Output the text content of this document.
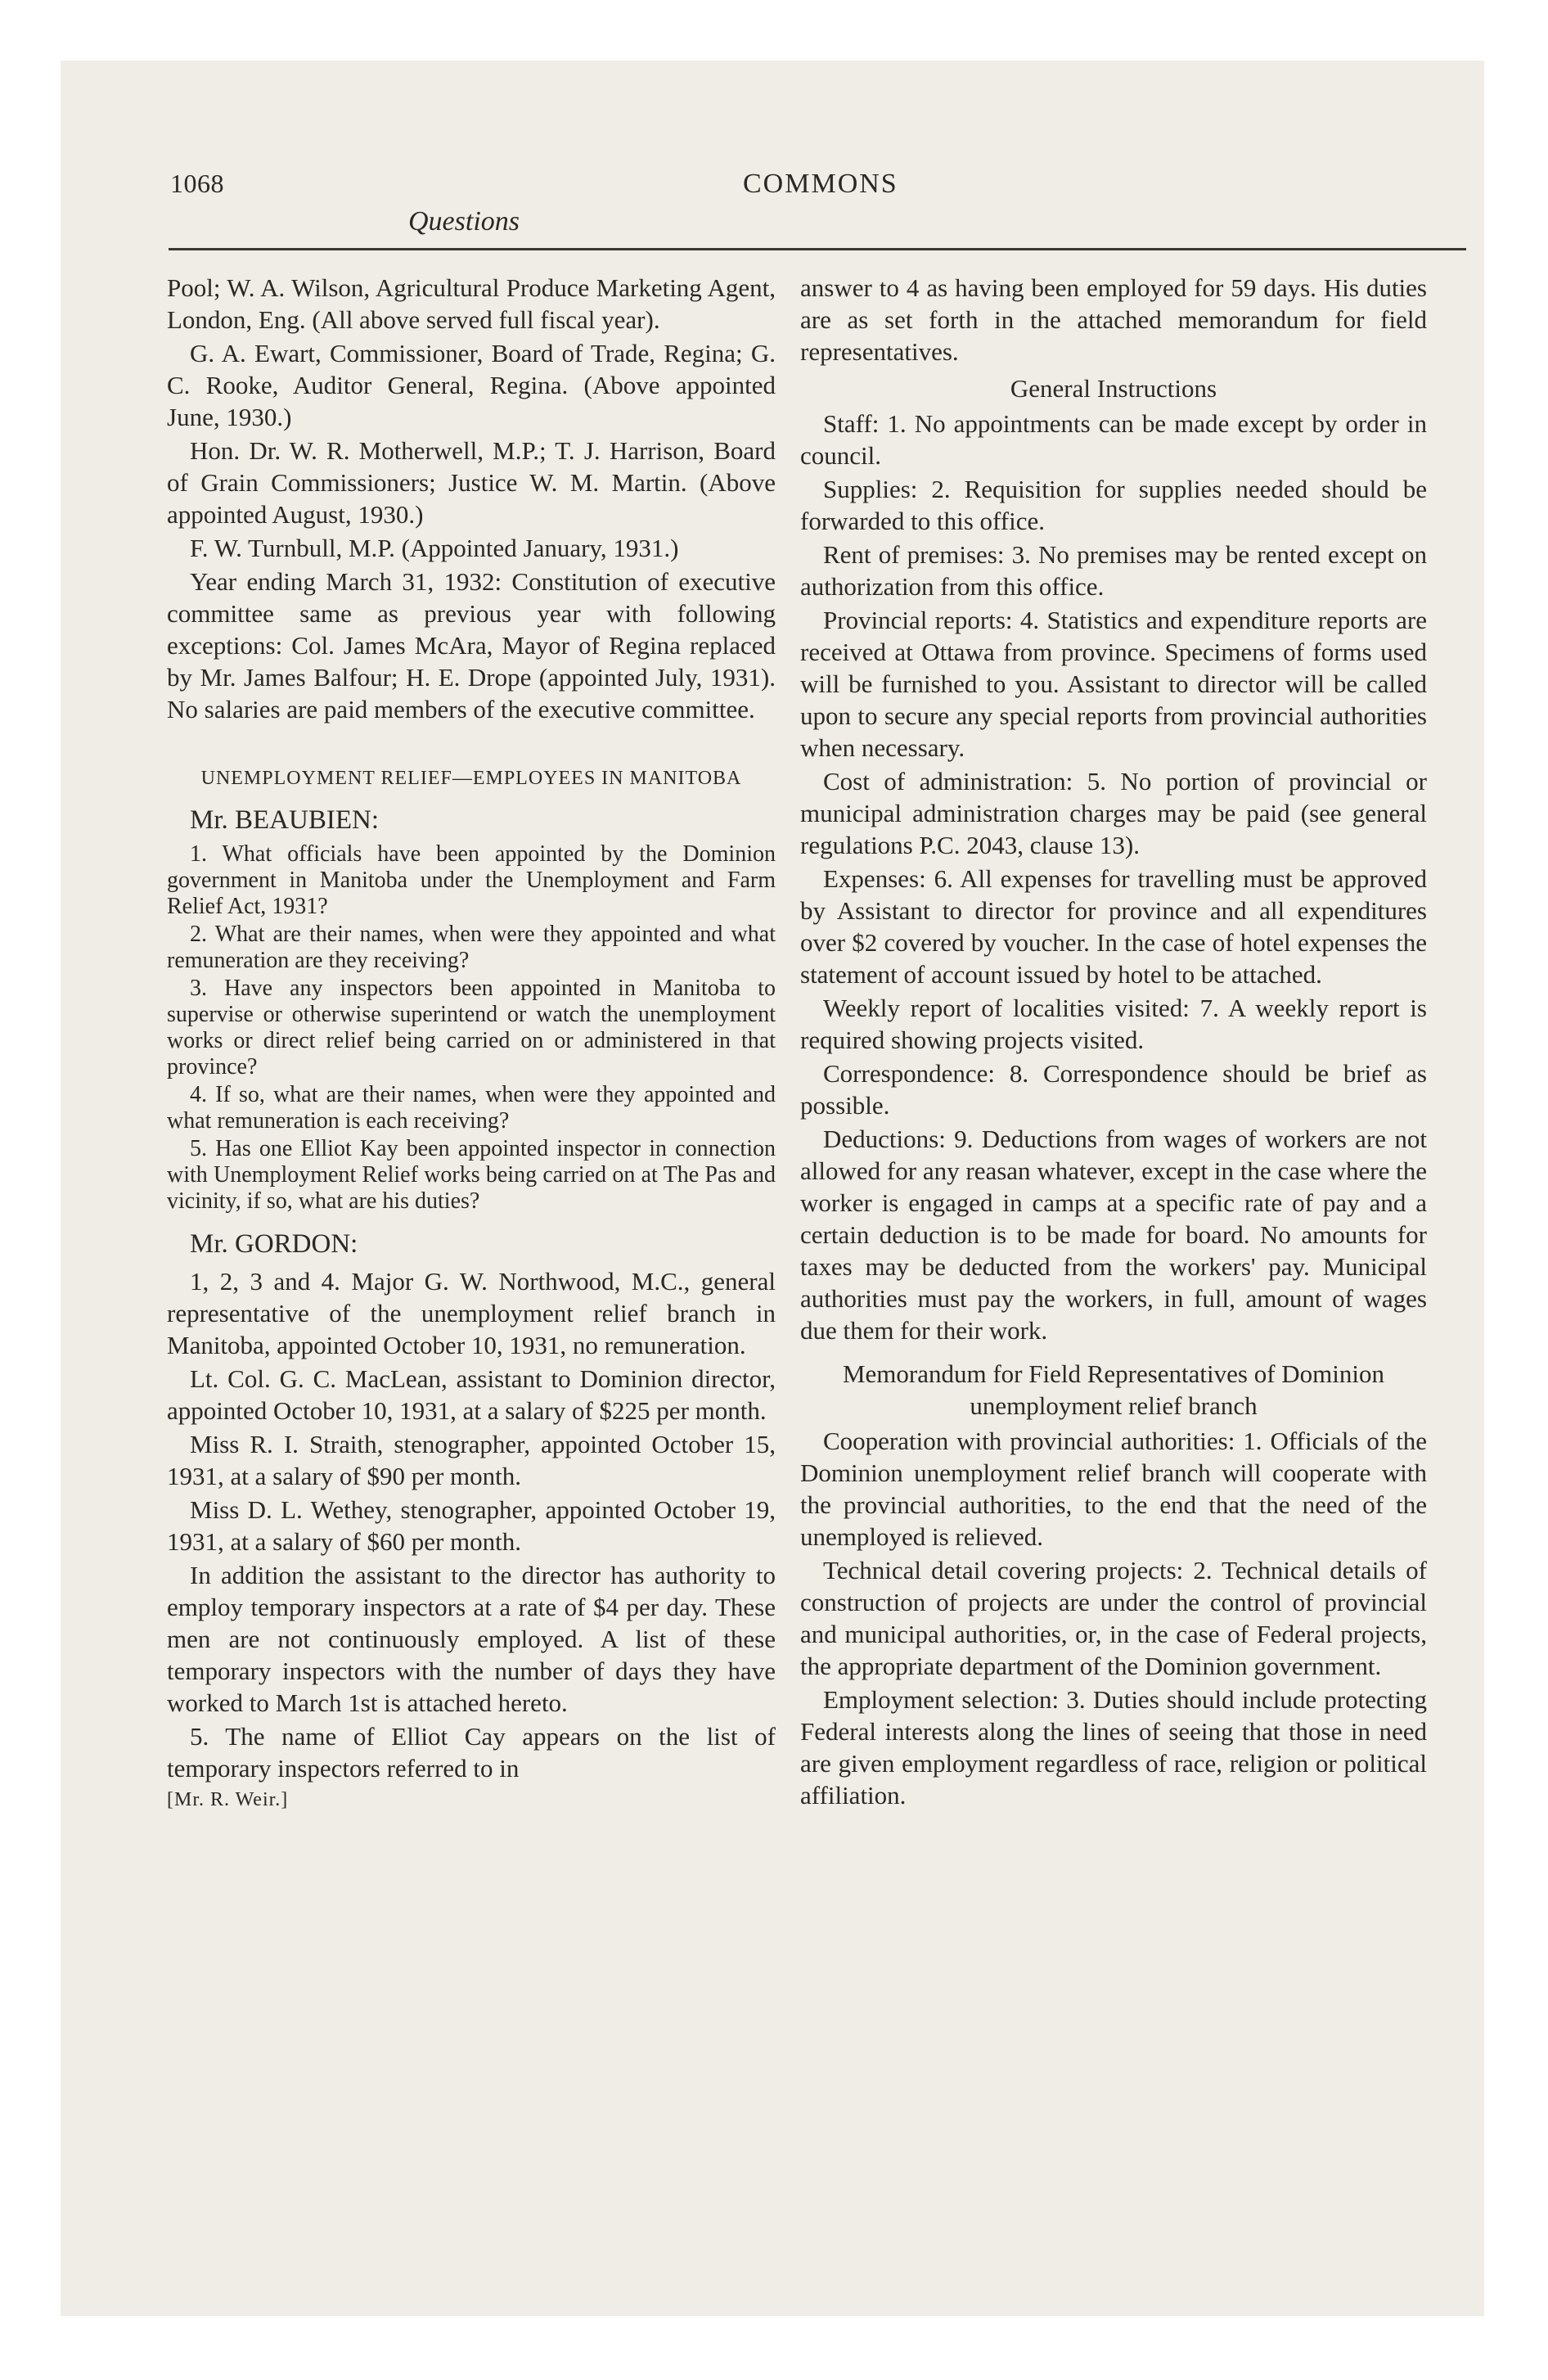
1068	COMMONS
Questions

Pool; W. A. Wilson, Agricultural Produce Marketing Agent, London, Eng. (All above served full fiscal year).

G. A. Ewart, Commissioner, Board of Trade, Regina; G. C. Rooke, Auditor General, Regina. (Above appointed June, 1930.)

Hon. Dr. W. R. Motherwell, M.P.; T. J. Harrison, Board of Grain Commissioners; Justice W. M. Martin. (Above appointed August, 1930.)

F. W. Turnbull, M.P. (Appointed January, 1931.)

Year ending March 31, 1932: Constitution of executive committee same as previous year with following exceptions: Col. James McAra, Mayor of Regina replaced by Mr. James Balfour; H. E. Drope (appointed July, 1931). No salaries are paid members of the executive committee.

UNEMPLOYMENT RELIEF—EMPLOYEES IN MANITOBA
Mr. BEAUBIEN:

1. What officials have been appointed by the Dominion government in Manitoba under the Unemployment and Farm Relief Act, 1931?

2. What are their names, when were they appointed and what remuneration are they receiving?

3. Have any inspectors been appointed in Manitoba to supervise or otherwise superintend or watch the unemployment works or direct relief being carried on or administered in that province?

4. If so, what are their names, when were they appointed and what remuneration is each receiving?

5. Has one Elliot Kay been appointed inspector in connection with Unemployment Relief works being carried on at The Pas and vicinity, if so, what are his duties?

Mr. GORDON:

1, 2, 3 and 4. Major G. W. Northwood, M.C., general representative of the unemployment relief branch in Manitoba, appointed October 10, 1931, no remuneration.

Lt. Col. G. C. MacLean, assistant to Dominion director, appointed October 10, 1931, at a salary of $225 per month.

Miss R. I. Straith, stenographer, appointed October 15, 1931, at a salary of $90 per month.

Miss D. L. Wethey, stenographer, appointed October 19, 1931, at a salary of $60 per month.

In addition the assistant to the director has authority to employ temporary inspectors at a rate of $4 per day. These men are not continuously employed. A list of these temporary inspectors with the number of days they have worked to March 1st is attached hereto.

5. The name of Elliot Cay appears on the list of temporary inspectors referred to in

[Mr. R. Weir.]

answer to 4 as having been employed for 59 days. His duties are as set forth in the attached memorandum for field representatives.

General Instructions

Staff: 1. No appointments can be made except by order in council.

Supplies: 2. Requisition for supplies needed should be forwarded to this office.

Rent of premises: 3. No premises may be rented except on authorization from this office.

Provincial reports: 4. Statistics and expenditure reports are received at Ottawa from province. Specimens of forms used will be furnished to you. Assistant to director will be called upon to secure any special reports from provincial authorities when necessary.

Cost of administration: 5. No portion of provincial or municipal administration charges may be paid (see general regulations P.C. 2043, clause 13).

Expenses: 6. All expenses for travelling must be approved by Assistant to director for province and all expenditures over $2 covered by voucher. In the case of hotel expenses the statement of account issued by hotel to be attached.

Weekly report of localities visited: 7. A weekly report is required showing projects visited.

Correspondence: 8. Correspondence should be brief as possible.

Deductions: 9. Deductions from wages of workers are not allowed for any reasan whatever, except in the case where the worker is engaged in camps at a specific rate of pay and a certain deduction is to be made for board. No amounts for taxes may be deducted from the workers' pay. Municipal authorities must pay the workers, in full, amount of wages due them for their work.

Memorandum for Field Representatives of Dominion unemployment relief branch

Cooperation with provincial authorities: 1. Officials of the Dominion unemployment relief branch will cooperate with the provincial authorities, to the end that the need of the unemployed is relieved.

Technical detail covering projects: 2. Technical details of construction of projects are under the control of provincial and municipal authorities, or, in the case of Federal projects, the appropriate department of the Dominion government.

Employment selection: 3. Duties should include protecting Federal interests along the lines of seeing that those in need are given employment regardless of race, religion or political affiliation.
